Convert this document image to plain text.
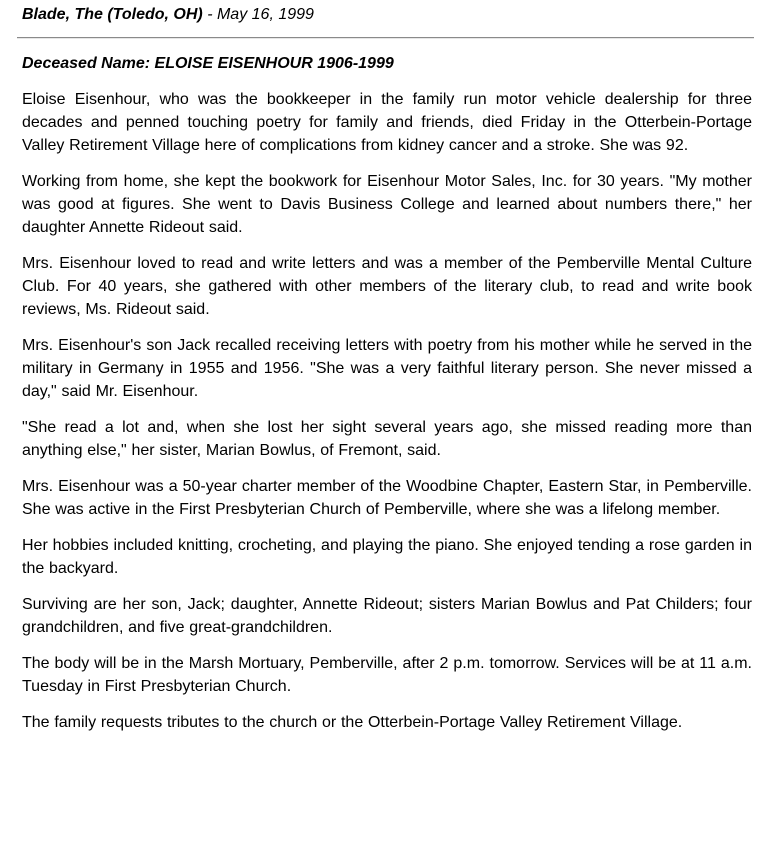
Blade, The (Toledo, OH) - May 16, 1999
Deceased Name: ELOISE EISENHOUR 1906-1999

Eloise Eisenhour, who was the bookkeeper in the family run motor vehicle dealership for three decades and penned touching poetry for family and friends, died Friday in the Otterbein-Portage Valley Retirement Village here of complications from kidney cancer and a stroke. She was 92.

Working from home, she kept the bookwork for Eisenhour Motor Sales, Inc. for 30 years. "My mother was good at figures. She went to Davis Business College and learned about numbers there," her daughter Annette Rideout said.

Mrs. Eisenhour loved to read and write letters and was a member of the Pemberville Mental Culture Club. For 40 years, she gathered with other members of the literary club, to read and write book reviews, Ms. Rideout said.

Mrs. Eisenhour's son Jack recalled receiving letters with poetry from his mother while he served in the military in Germany in 1955 and 1956. "She was a very faithful literary person. She never missed a day," said Mr. Eisenhour.

"She read a lot and, when she lost her sight several years ago, she missed reading more than anything else," her sister, Marian Bowlus, of Fremont, said.

Mrs. Eisenhour was a 50-year charter member of the Woodbine Chapter, Eastern Star, in Pemberville. She was active in the First Presbyterian Church of Pemberville, where she was a lifelong member.

Her hobbies included knitting, crocheting, and playing the piano. She enjoyed tending a rose garden in the backyard.

Surviving are her son, Jack; daughter, Annette Rideout; sisters Marian Bowlus and Pat Childers; four grandchildren, and five great-grandchildren.

The body will be in the Marsh Mortuary, Pemberville, after 2 p.m. tomorrow. Services will be at 11 a.m. Tuesday in First Presbyterian Church.

The family requests tributes to the church or the Otterbein-Portage Valley Retirement Village.
